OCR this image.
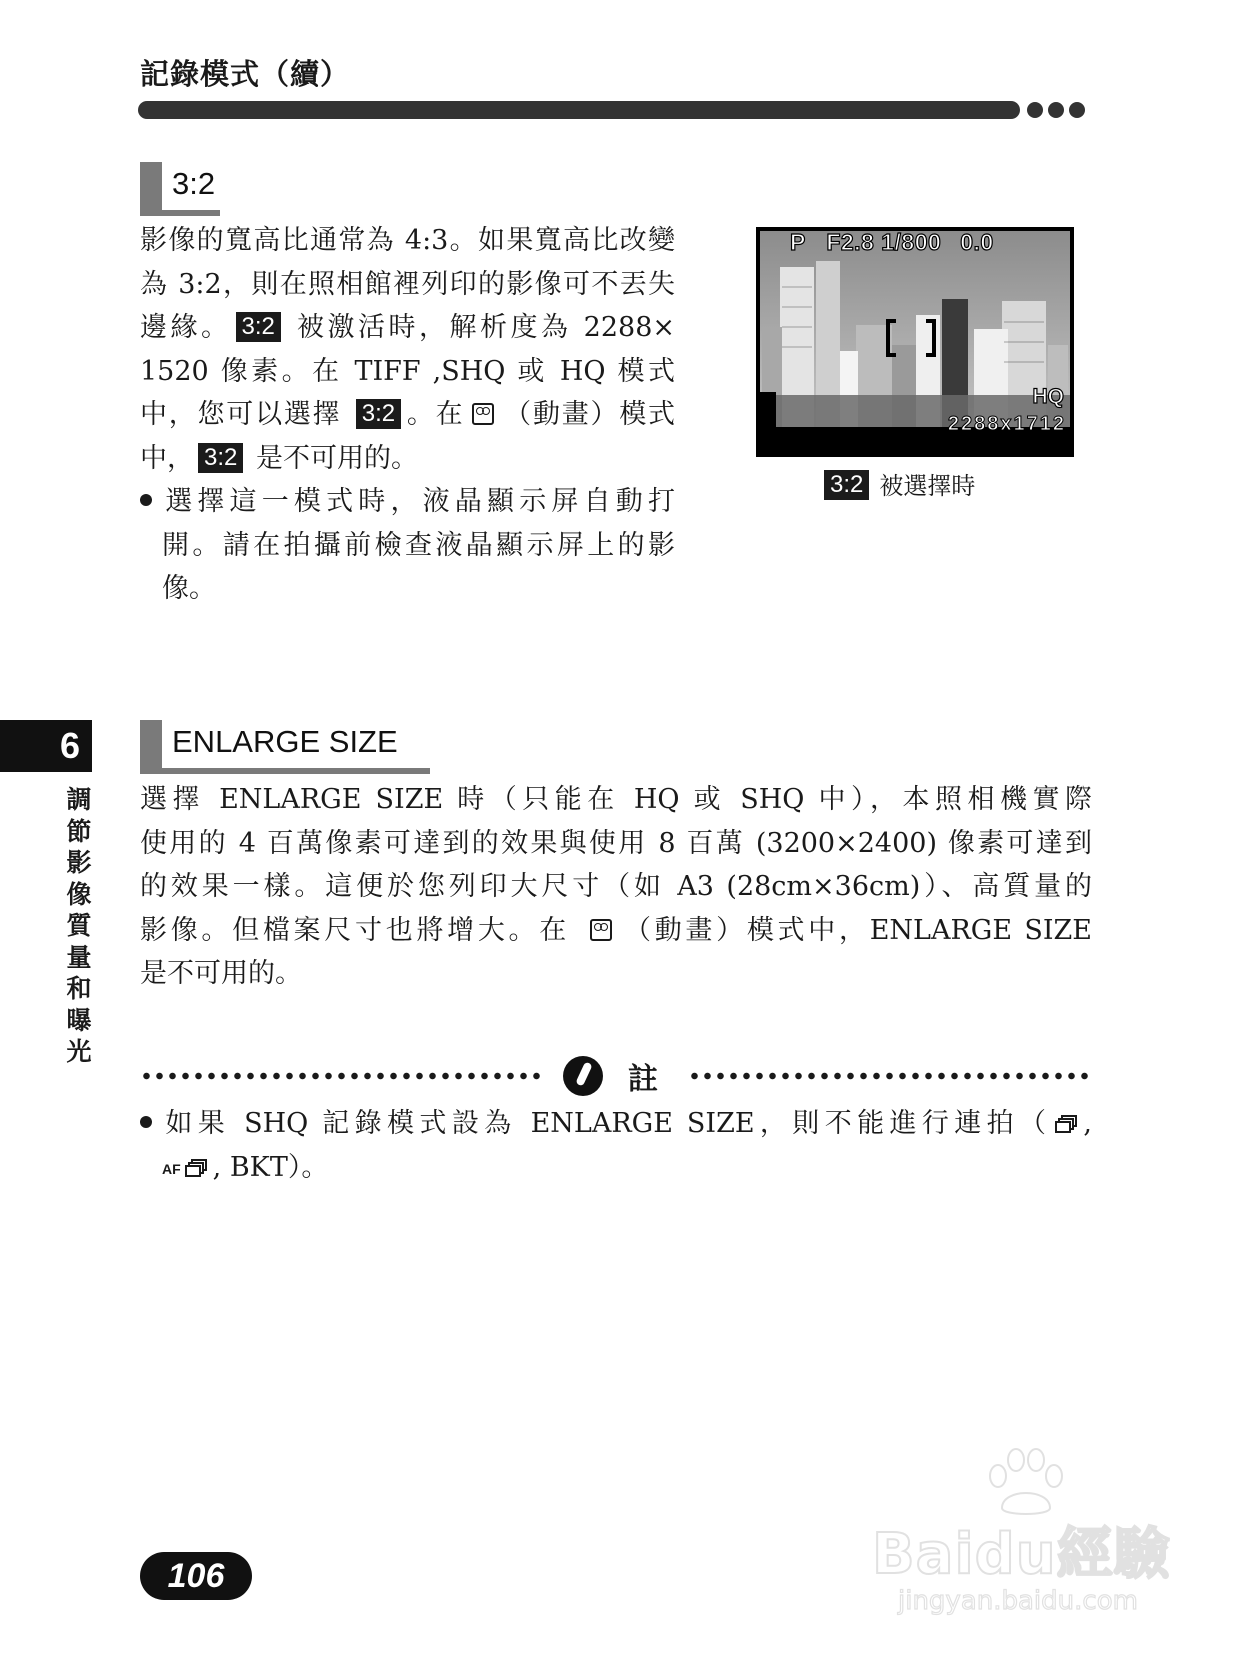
記錄模式（續）
3:2
影像的寬高比通常為 4:3。如果寬高比改變
為 3:2，則在照相館裡列印的影像可不丟失
邊緣。 3:2 被激活時，解析度為 2288×
1520 像素。在 TIFF ,SHQ 或 HQ 模式
中，您可以選擇 3:2 。在 （動畫）模式
中， 3:2 是不可用的。
選擇這一模式時，液晶顯示屏自動打
開。請在拍攝前檢查液晶顯示屏上的影
像。
P F2.8 1/800 0.0
HQ
2288x1712
3:2 被選擇時
6
調節影像質量和曝光
ENLARGE SIZE
選擇 ENLARGE SIZE 時（只能在 HQ 或 SHQ 中），本照相機實際
使用的 4 百萬像素可達到的效果與使用 8 百萬 (3200×2400) 像素可達到
的效果一樣。這便於您列印大尺寸（如 A3 (28cm×36cm)）、高質量的
影像。但檔案尺寸也將增大。在 （動畫）模式中，ENLARGE SIZE
是不可用的。
註
如果 SHQ 記錄模式設為 ENLARGE SIZE，則不能進行連拍（ ,
AF , BKT）。
106	Baidu經驗
jingyan.baidu.com
